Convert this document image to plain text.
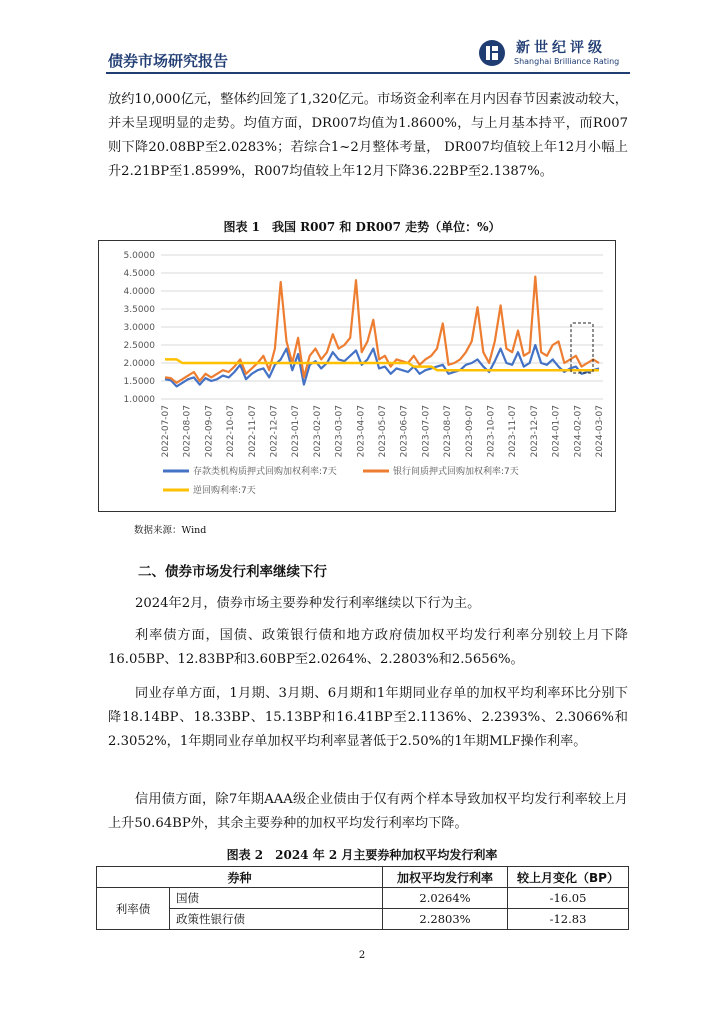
债券市场研究报告
新世纪评级
Shanghai Brilliance Rating

放约10,000亿元，整体约回笼了1,320亿元。市场资金利率在月内因春节因素波动较大，并未呈现明显的走势。均值方面，DR007均值为1.8600%，与上月基本持平，而R007则下降20.08BP至2.0283%；若综合1~2月整体考量， DR007均值较上年12月小幅上升2.21BP至1.8599%，R007均值较上年12月下降36.22BP至2.1387%。

图表 1　我国 R007 和 DR007 走势（单位：%）
5.0000
4.5000
4.0000
3.5000
3.0000
2.5000
2.0000
1.5000
1.0000
2022-07-07 2022-08-07 2022-09-07 2022-10-07 2022-11-07 2022-12-07 2023-01-07 2023-02-07 2023-03-07 2023-04-07 2023-05-07 2023-06-07 2023-07-07 2023-08-07 2023-09-07 2023-10-07 2023-11-07 2023-12-07 2024-01-07 2024-02-07 2024-03-07
存款类机构质押式回购加权利率:7天	银行间质押式回购加权利率:7天
逆回购利率:7天
数据来源：Wind
二、债券市场发行利率继续下行

2024年2月，债券市场主要券种发行利率继续以下行为主。

利率债方面，国债、政策银行债和地方政府债加权平均发行利率分别较上月下降16.05BP、12.83BP和3.60BP至2.0264%、2.2803%和2.5656%。

同业存单方面，1月期、3月期、6月期和1年期同业存单的加权平均利率环比分别下降18.14BP、18.33BP、15.13BP和16.41BP至2.1136%、2.2393%、2.3066%和2.3052%，1年期同业存单加权平均利率显著低于2.50%的1年期MLF操作利率。

信用债方面，除7年期AAA级企业债由于仅有两个样本导致加权平均发行利率较上月上升50.64BP外，其余主要券种的加权平均发行利率均下降。

图表 2　2024 年 2 月主要券种加权平均发行利率
券种		加权平均发行利率	较上月变化（BP）
利率债	国债	2.0264%	-16.05
	政策性银行债	2.2803%	-12.83
2
